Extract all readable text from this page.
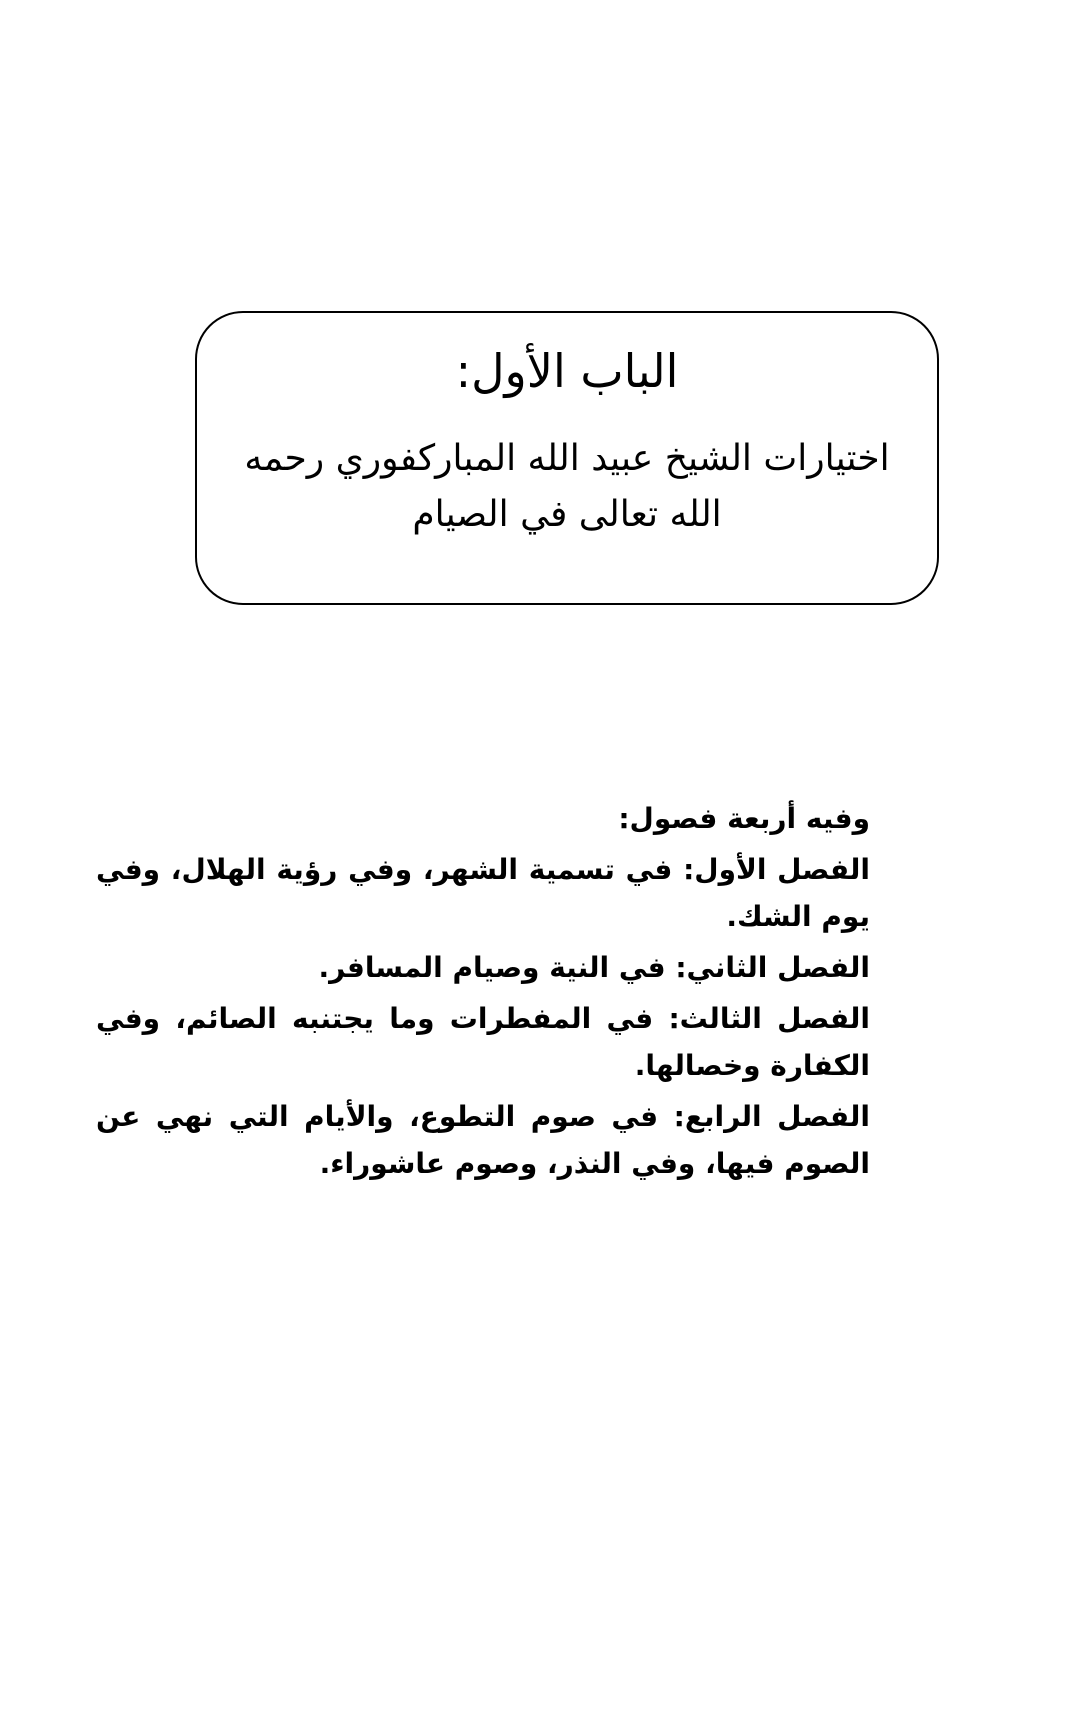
الباب الأول:
اختيارات الشيخ عبيد الله المباركفوري رحمه الله تعالى في الصيام

وفيه أربعة فصول:

الفصل الأول: في تسمية الشهر، وفي رؤية الهلال، وفي يوم الشك.

الفصل الثاني: في النية وصيام المسافر.

الفصل الثالث: في المفطرات وما يجتنبه الصائم، وفي الكفارة وخصالها.

الفصل الرابع: في صوم التطوع، والأيام التي نهي عن الصوم فيها، وفي النذر، وصوم عاشوراء.
